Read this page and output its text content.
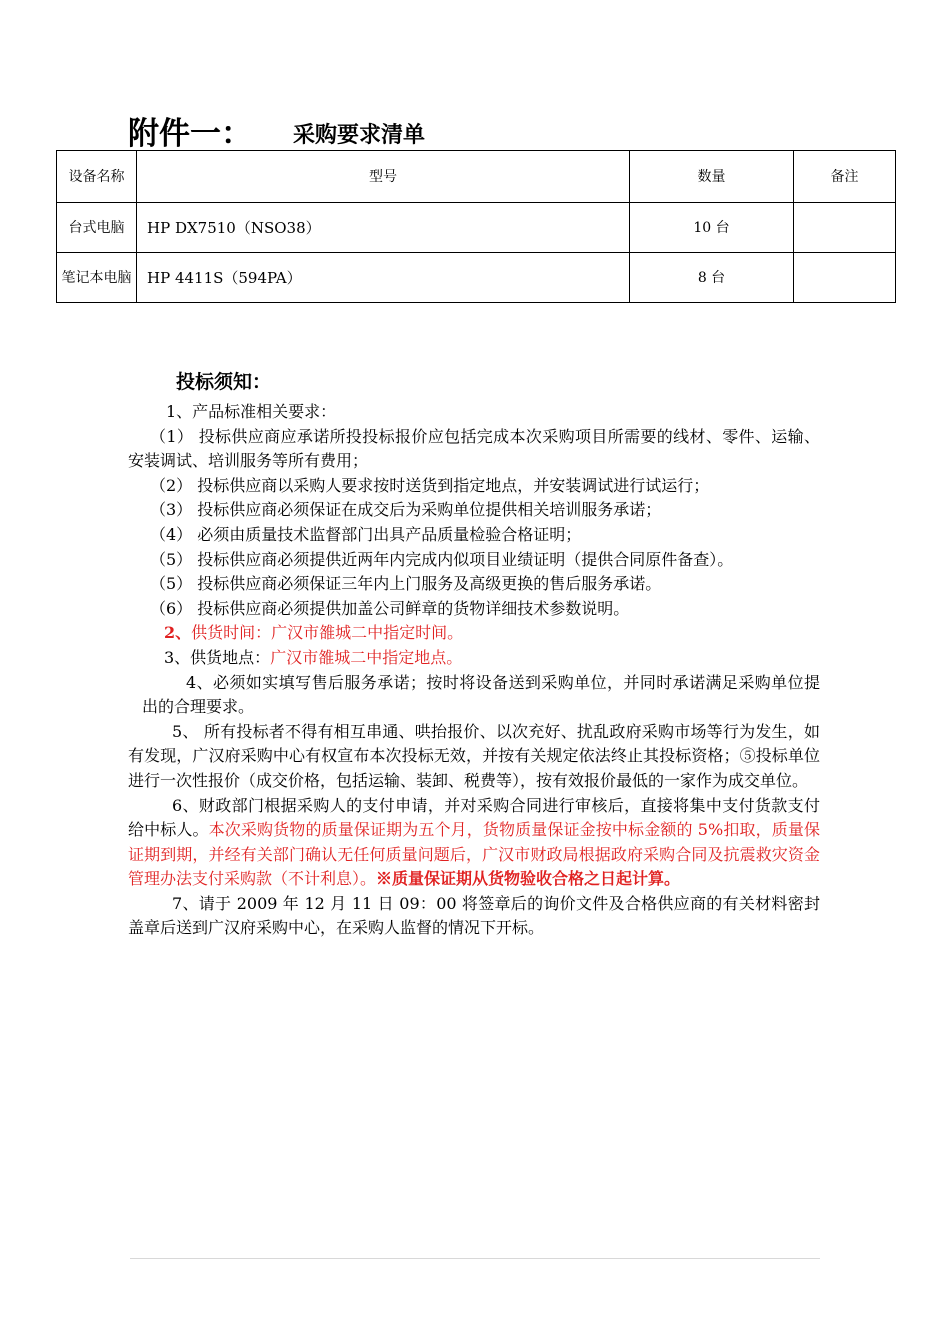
附件一： 采购要求清单
设备名称	型号	数量	备注
台式电脑	HP DX7510（NSO38）	10 台	
笔记本电脑	HP 4411S（594PA）	8 台	
投标须知：
1、产品标准相关要求：
（1） 投标供应商应承诺所投投标报价应包括完成本次采购项目所需要的线材、零件、运输、安装调试、培训服务等所有费用；
（2） 投标供应商以采购人要求按时送货到指定地点，并安装调试进行试运行；
（3） 投标供应商必须保证在成交后为采购单位提供相关培训服务承诺；
（4） 必须由质量技术监督部门出具产品质量检验合格证明；
（5） 投标供应商必须提供近两年内完成内似项目业绩证明（提供合同原件备查）。
（5） 投标供应商必须保证三年内上门服务及高级更换的售后服务承诺。
（6） 投标供应商必须提供加盖公司鲜章的货物详细技术参数说明。
2、供货时间：广汉市雒城二中指定时间。
3、供货地点：广汉市雒城二中指定地点。
4、必须如实填写售后服务承诺；按时将设备送到采购单位，并同时承诺满足采购单位提出的合理要求。
5、 所有投标者不得有相互串通、哄抬报价、以次充好、扰乱政府采购市场等行为发生，如有发现，广汉府采购中心有权宣布本次投标无效，并按有关规定依法终止其投标资格；⑤投标单位进行一次性报价（成交价格，包括运输、装卸、税费等），按有效报价最低的一家作为成交单位。
6、财政部门根据采购人的支付申请，并对采购合同进行审核后，直接将集中支付货款支付给中标人。本次采购货物的质量保证期为五个月，货物质量保证金按中标金额的 5%扣取，质量保证期到期，并经有关部门确认无任何质量问题后，广汉市财政局根据政府采购合同及抗震救灾资金管理办法支付采购款（不计利息）。※质量保证期从货物验收合格之日起计算。
7、请于 2009 年 12 月 11 日 09：00 将签章后的询价文件及合格供应商的有关材料密封盖章后送到广汉府采购中心，在采购人监督的情况下开标。
